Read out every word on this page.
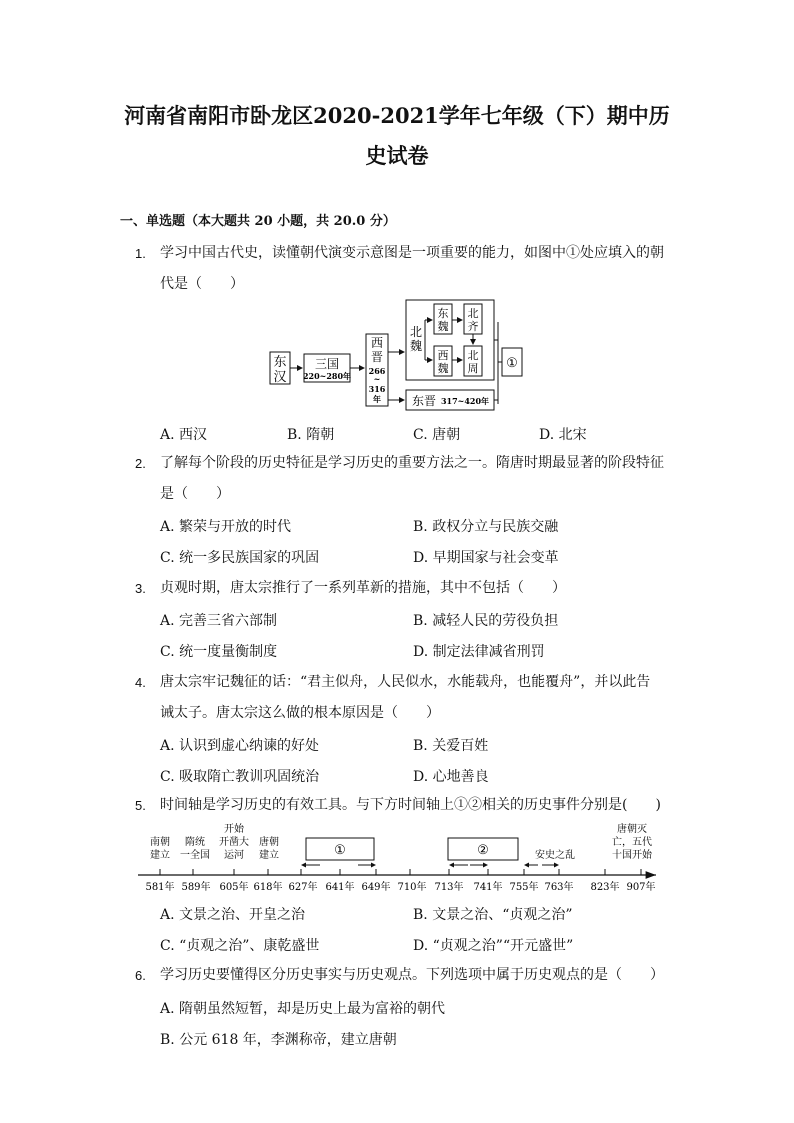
河南省南阳市卧龙区2020-2021学年七年级（下）期中历
史试卷
一、单选题（本大题共 20 小题，共 20.0 分）
1. 学习中国古代史，读懂朝代演变示意图是一项重要的能力，如图中①处应填入的朝
代是（　　）
东
汉
三国
220~280年
西
晋
266
~
316
年
北
魏
东
魏
北
齐
西
魏
北
周
东晋 317~420年
①
A. 西汉	B. 隋朝	C. 唐朝	D. 北宋
2. 了解每个阶段的历史特征是学习历史的重要方法之一。隋唐时期最显著的阶段特征
是（　　）
A. 繁荣与开放的时代	B. 政权分立与民族交融
C. 统一多民族国家的巩固	D. 早期国家与社会变革
3. 贞观时期，唐太宗推行了一系列革新的措施，其中不包括（　　）
A. 完善三省六部制	B. 减轻人民的劳役负担
C. 统一度量衡制度	D. 制定法律减省刑罚
4. 唐太宗牢记魏征的话：“君主似舟，人民似水，水能载舟，也能覆舟”，并以此告
诫太子。唐太宗这么做的根本原因是（　　）
A. 认识到虚心纳谏的好处	B. 关爱百姓
C. 吸取隋亡教训巩固统治	D. 心地善良
5. 时间轴是学习历史的有效工具。与下方时间轴上①②相关的历史事件分别是(　　)
581年 589年 605年 618年 627年 641年 649年 710年 713年 741年 755年 763年 823年 907年
南朝
建立
隋统
一全国
开始
开凿大
运河
唐朝
建立	安史之乱
唐朝灭
亡，五代
十国开始
①	②
A. 文景之治、开皇之治	B. 文景之治、“贞观之治”
C. “贞观之治”、康乾盛世	D. “贞观之治”“开元盛世”
6. 学习历史要懂得区分历史事实与历史观点。下列选项中属于历史观点的是（　　）
A. 隋朝虽然短暂，却是历史上最为富裕的朝代
B. 公元 618 年，李渊称帝，建立唐朝
